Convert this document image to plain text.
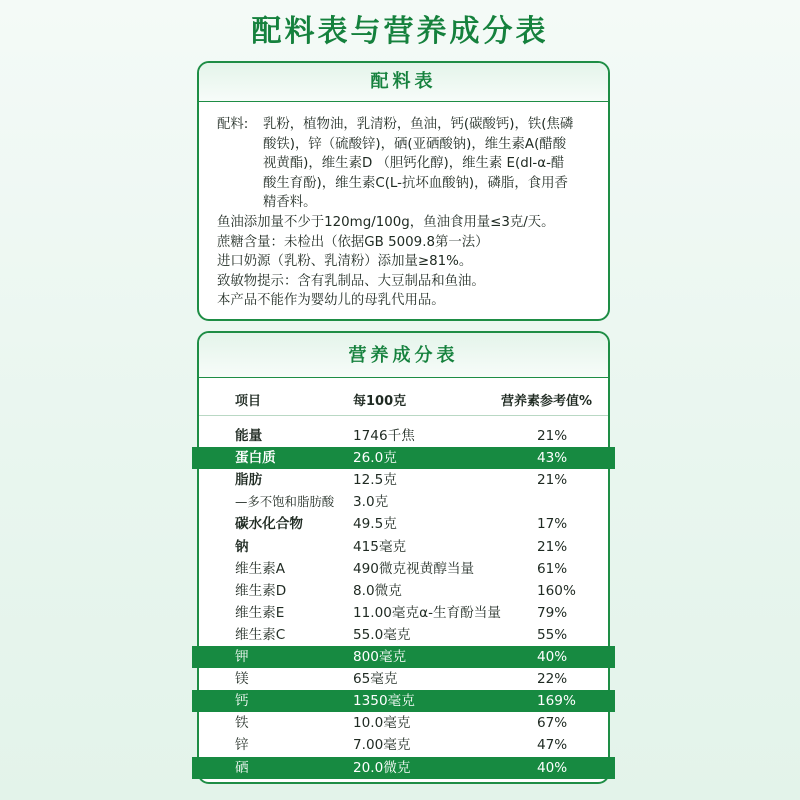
配料表与营养成分表
配料表
配料:	乳粉，植物油，乳清粉，鱼油，钙(碳酸钙)，铁(焦磷

酸铁)，锌（硫酸锌)，硒(亚硒酸钠)，维生素A(醋酸

视黄酯)，维生素D （胆钙化醇)，维生素 E(dl-α-醋

酸生育酚)，维生素C(L-抗坏血酸钠)，磷脂，食用香

精香料。

鱼油添加量不少于120mg/100g，鱼油食用量≤3克/天。

蔗糖含量：未检出（依据GB 5009.8第一法）

进口奶源（乳粉、乳清粉）添加量≥81%。

致敏物提示：含有乳制品、大豆制品和鱼油。

本产品不能作为婴幼儿的母乳代用品。

营养成分表
项目	每100克	营养素参考值%
能量	1746千焦	21%
蛋白质	26.0克	43%
脂肪	12.5克	21%
—多不饱和脂肪酸 3.0克
碳水化合物	49.5克	17%
钠	415毫克	21%
维生素A	490微克视黄醇当量	61%
维生素D	8.0微克	160%
维生素E	11.00毫克α-生育酚当量	79%
维生素C	55.0毫克	55%
钾	800毫克	40%
镁	65毫克	22%
钙	1350毫克	169%
铁	10.0毫克	67%
锌	7.00毫克	47%
硒	20.0微克	40%
